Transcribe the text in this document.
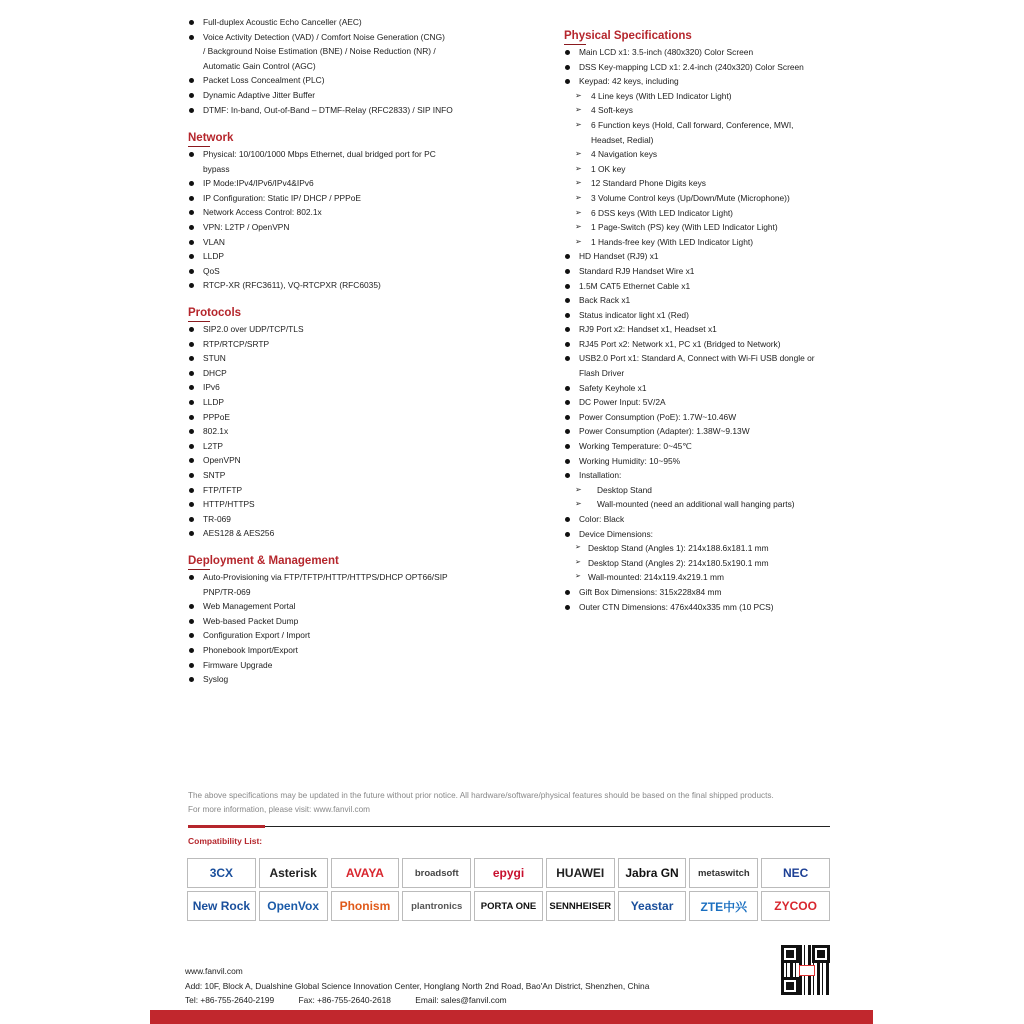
Full-duplex Acoustic Echo Canceller (AEC)
Voice Activity Detection (VAD) / Comfort Noise Generation (CNG)
/ Background Noise Estimation (BNE) / Noise Reduction (NR) /
Automatic Gain Control (AGC)
Packet Loss Concealment (PLC)
Dynamic Adaptive Jitter Buffer
DTMF: In-band, Out-of-Band – DTMF-Relay (RFC2833) / SIP INFO
Network
Physical: 10/100/1000 Mbps Ethernet, dual bridged port for PC
bypass
IP Mode:IPv4/IPv6/IPv4&IPv6
IP Configuration: Static IP/ DHCP / PPPoE
Network Access Control: 802.1x
VPN: L2TP / OpenVPN
VLAN
LLDP
QoS
RTCP-XR (RFC3611), VQ-RTCPXR (RFC6035)
Protocols
SIP2.0 over UDP/TCP/TLS
RTP/RTCP/SRTP
STUN
DHCP
IPv6
LLDP
PPPoE
802.1x
L2TP
OpenVPN
SNTP
FTP/TFTP
HTTP/HTTPS
TR-069
AES128 & AES256
Deployment & Management
Auto-Provisioning via FTP/TFTP/HTTP/HTTPS/DHCP OPT66/SIP
PNP/TR-069
Web Management Portal
Web-based Packet Dump
Configuration Export / Import
Phonebook Import/Export
Firmware Upgrade
Syslog
Physical Specifications
Main LCD x1: 3.5-inch (480x320) Color Screen
DSS Key-mapping LCD x1: 2.4-inch (240x320) Color Screen
Keypad: 42 keys, including
➢ 4 Line keys (With LED Indicator Light)
➢ 4 Soft-keys
➢ 6 Function keys (Hold, Call forward, Conference, MWI,
Headset, Redial)
➢ 4 Navigation keys
➢ 1 OK key
➢ 12 Standard Phone Digits keys
➢ 3 Volume Control keys (Up/Down/Mute (Microphone))
➢ 6 DSS keys (With LED Indicator Light)
➢ 1 Page-Switch (PS) key (With LED Indicator Light)
➢ 1 Hands-free key (With LED Indicator Light)
HD Handset (RJ9) x1
Standard RJ9 Handset Wire x1
1.5M CAT5 Ethernet Cable x1
Back Rack x1
Status indicator light x1 (Red)
RJ9 Port x2: Handset x1, Headset x1
RJ45 Port x2: Network x1, PC x1 (Bridged to Network)
USB2.0 Port x1: Standard A, Connect with Wi-Fi USB dongle or
Flash Driver
Safety Keyhole x1
DC Power Input: 5V/2A
Power Consumption (PoE): 1.7W~10.46W
Power Consumption (Adapter): 1.38W~9.13W
Working Temperature: 0~45℃
Working Humidity: 10~95%
Installation:
➢ Desktop Stand
➢ Wall-mounted (need an additional wall hanging parts)
Color: Black
Device Dimensions:
➢ Desktop Stand (Angles 1): 214x188.6x181.1 mm
➢ Desktop Stand (Angles 2): 214x180.5x190.1 mm
➢ Wall-mounted: 214x119.4x219.1 mm
Gift Box Dimensions: 315x228x84 mm
Outer CTN Dimensions: 476x440x335 mm (10 PCS)
The above specifications may be updated in the future without prior notice. All hardware/software/physical features should be based on the final shipped products.
For more information, please visit: www.fanvil.com
Compatibility List:
3CX	Asterisk	AVAYA	broadsoft	epygi	HUAWEI	Jabra GN	metaswitch	NEC
New Rock	OpenVox	Phonism	plantronics	PORTA ONE	SENNHEISER	Yeastar	ZTE中兴	ZYCOO
www.fanvil.com
Add: 10F, Block A, Dualshine Global Science Innovation Center, Honglang North 2nd Road, Bao'An District, Shenzhen, China
Tel: +86-755-2640-2199	Fax: +86-755-2640-2618	Email: sales@fanvil.com
